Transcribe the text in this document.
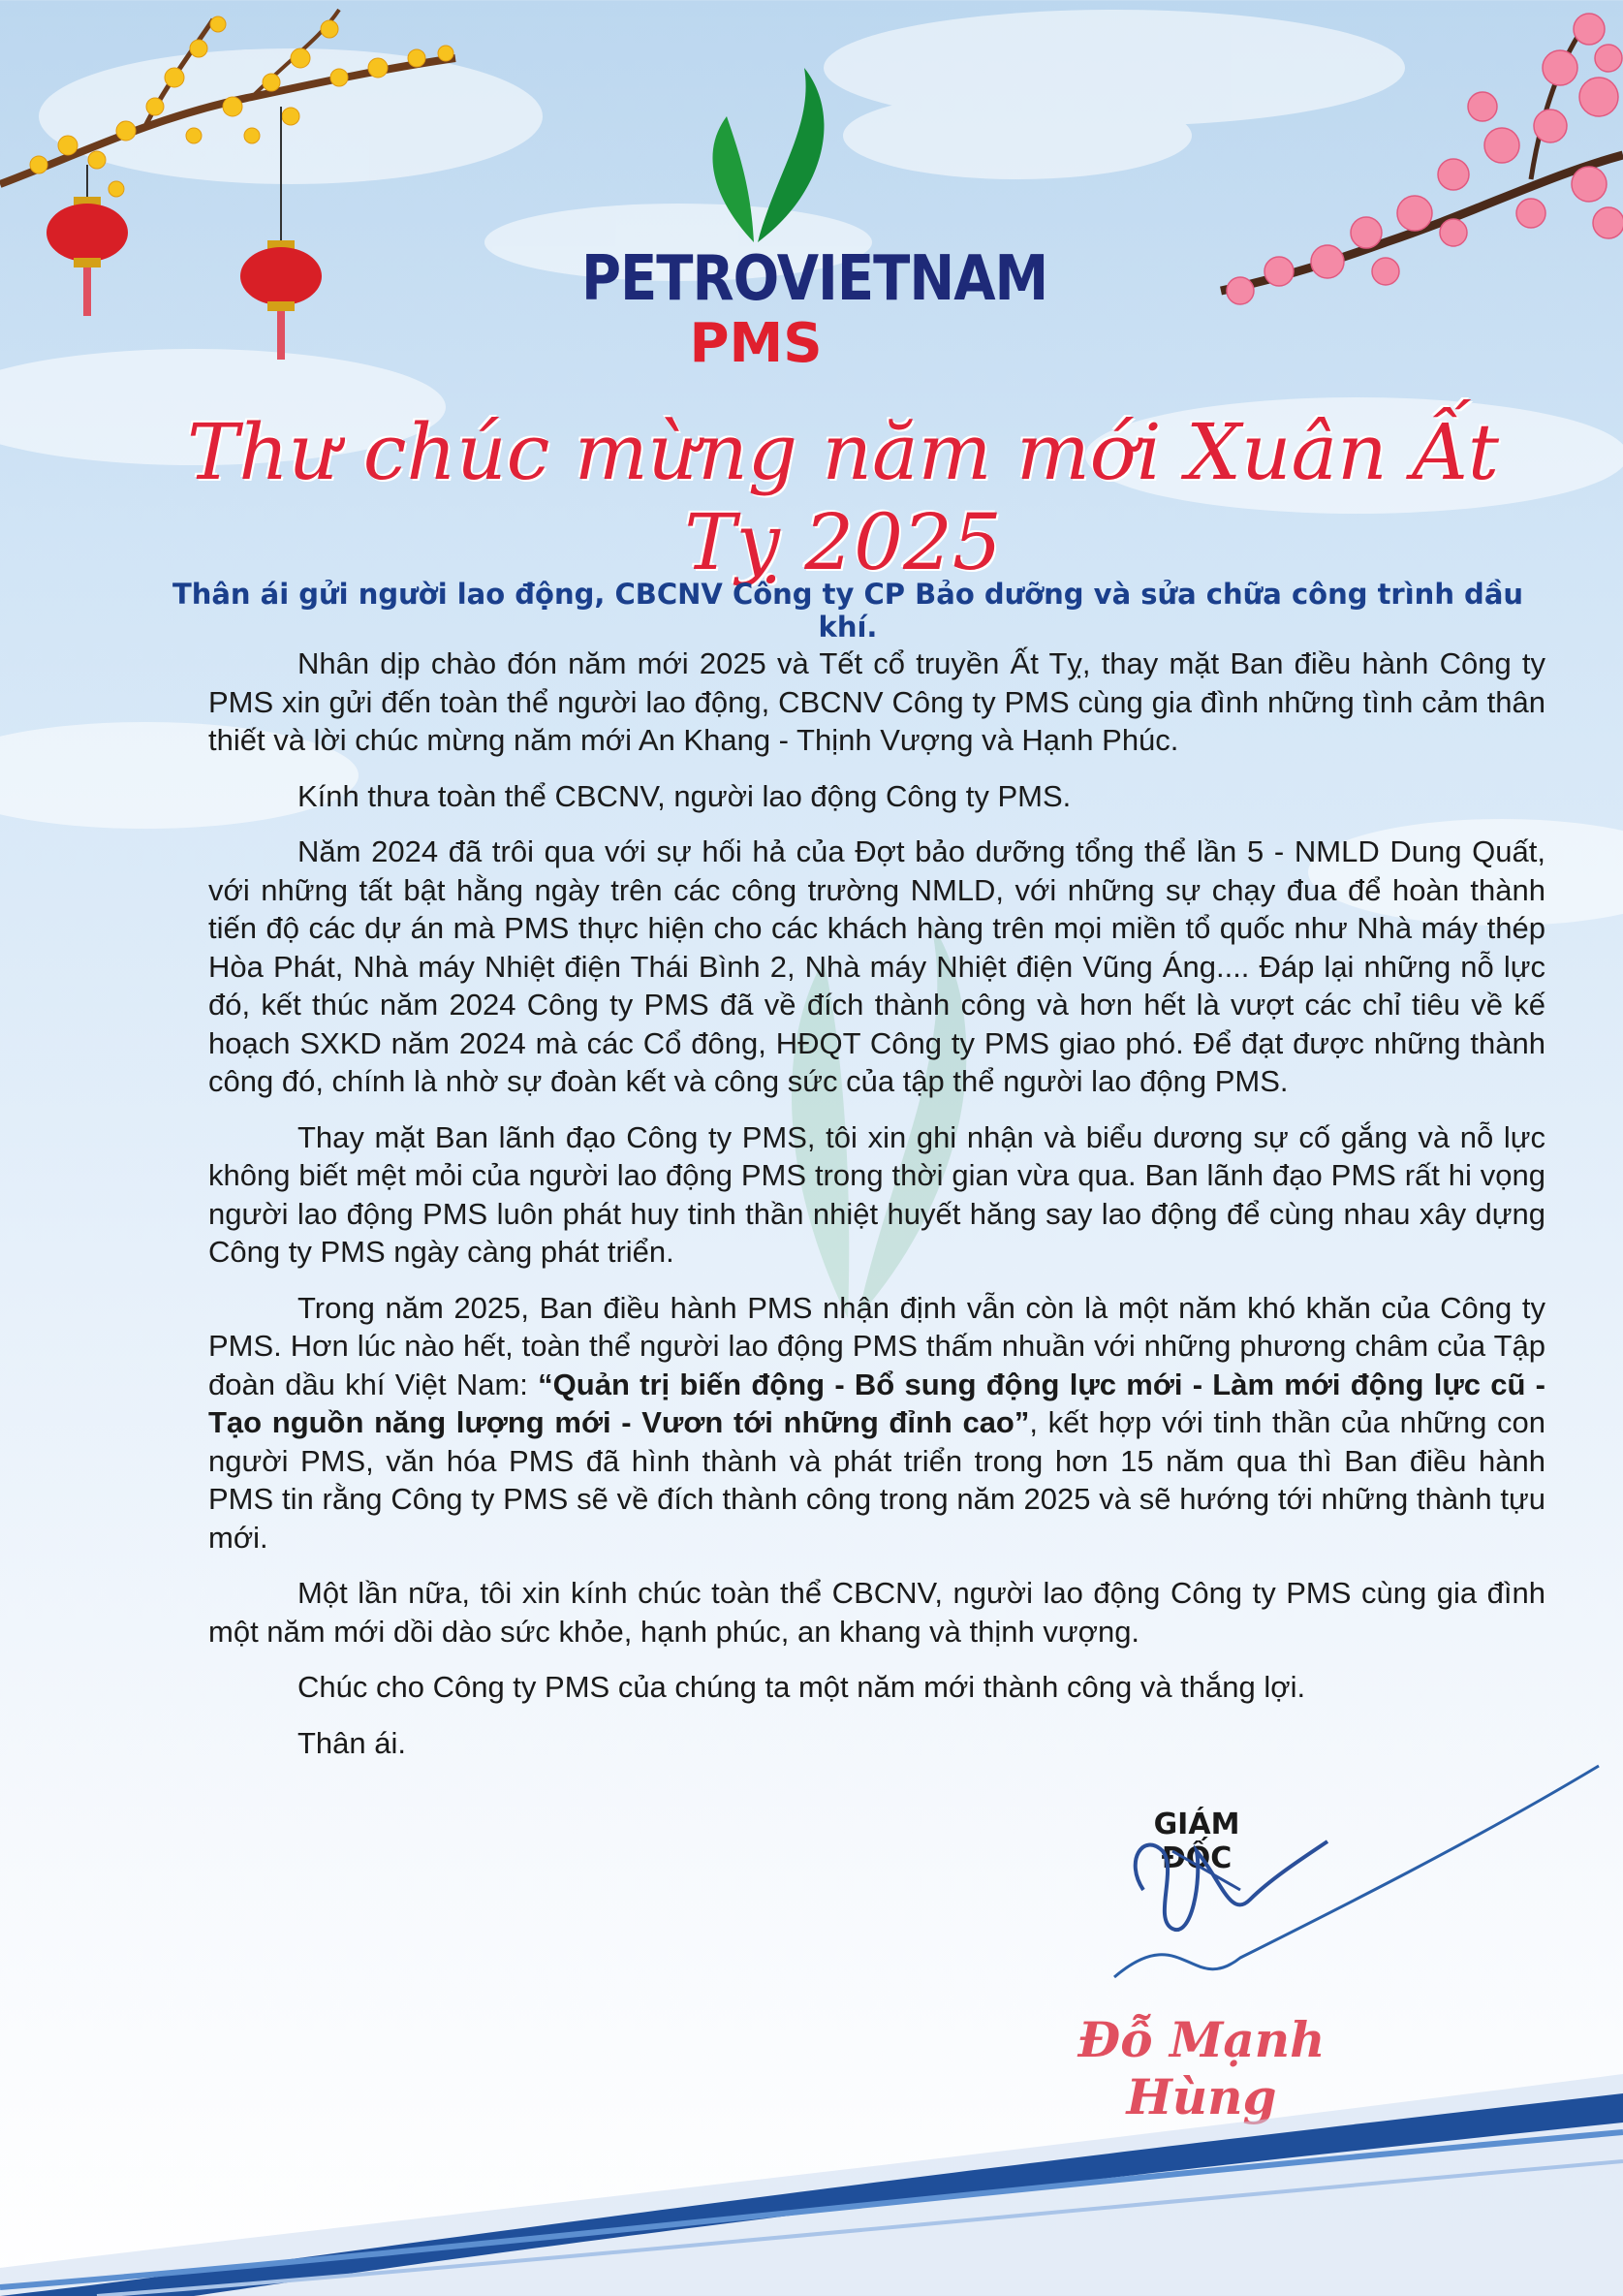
PETROVIETNAM
PMS
Thư chúc mừng năm mới Xuân Ất Tỵ 2025
Thân ái gửi người lao động, CBCNV Công ty CP Bảo dưỡng và sửa chữa công trình dầu khí.

Nhân dịp chào đón năm mới 2025 và Tết cổ truyền Ất Tỵ, thay mặt Ban điều hành Công ty PMS xin gửi đến toàn thể người lao động, CBCNV Công ty PMS cùng gia đình những tình cảm thân thiết và lời chúc mừng năm mới An Khang - Thịnh Vượng và Hạnh Phúc.

Kính thưa toàn thể CBCNV, người lao động Công ty PMS.

Năm 2024 đã trôi qua với sự hối hả của Đợt bảo dưỡng tổng thể lần 5 - NMLD Dung Quất, với những tất bật hằng ngày trên các công trường NMLD, với những sự chạy đua để hoàn thành tiến độ các dự án mà PMS thực hiện cho các khách hàng trên mọi miền tổ quốc như Nhà máy thép Hòa Phát, Nhà máy Nhiệt điện Thái Bình 2, Nhà máy Nhiệt điện Vũng Áng.... Đáp lại những nỗ lực đó, kết thúc năm 2024 Công ty PMS đã về đích thành công và hơn hết là vượt các chỉ tiêu về kế hoạch SXKD năm 2024 mà các Cổ đông, HĐQT Công ty PMS giao phó. Để đạt được những thành công đó, chính là nhờ sự đoàn kết và công sức của tập thể người lao động PMS.

Thay mặt Ban lãnh đạo Công ty PMS, tôi xin ghi nhận và biểu dương sự cố gắng và nỗ lực không biết mệt mỏi của người lao động PMS trong thời gian vừa qua. Ban lãnh đạo PMS rất hi vọng người lao động PMS luôn phát huy tinh thần nhiệt huyết hăng say lao động để cùng nhau xây dựng Công ty PMS ngày càng phát triển.

Trong năm 2025, Ban điều hành PMS nhận định vẫn còn là một năm khó khăn của Công ty PMS. Hơn lúc nào hết, toàn thể người lao động PMS thấm nhuần với những phương châm của Tập đoàn dầu khí Việt Nam: “Quản trị biến động - Bổ sung động lực mới - Làm mới động lực cũ - Tạo nguồn năng lượng mới - Vươn tới những đỉnh cao”, kết hợp với tinh thần của những con người PMS, văn hóa PMS đã hình thành và phát triển trong hơn 15 năm qua thì Ban điều hành PMS tin rằng Công ty PMS sẽ về đích thành công trong năm 2025 và sẽ hướng tới những thành tựu mới.

Một lần nữa, tôi xin kính chúc toàn thể CBCNV, người lao động Công ty PMS cùng gia đình một năm mới dồi dào sức khỏe, hạnh phúc, an khang và thịnh vượng.

Chúc cho Công ty PMS của chúng ta một năm mới thành công và thắng lợi.

Thân ái.

GIÁM ĐỐC
Đỗ Mạnh Hùng
